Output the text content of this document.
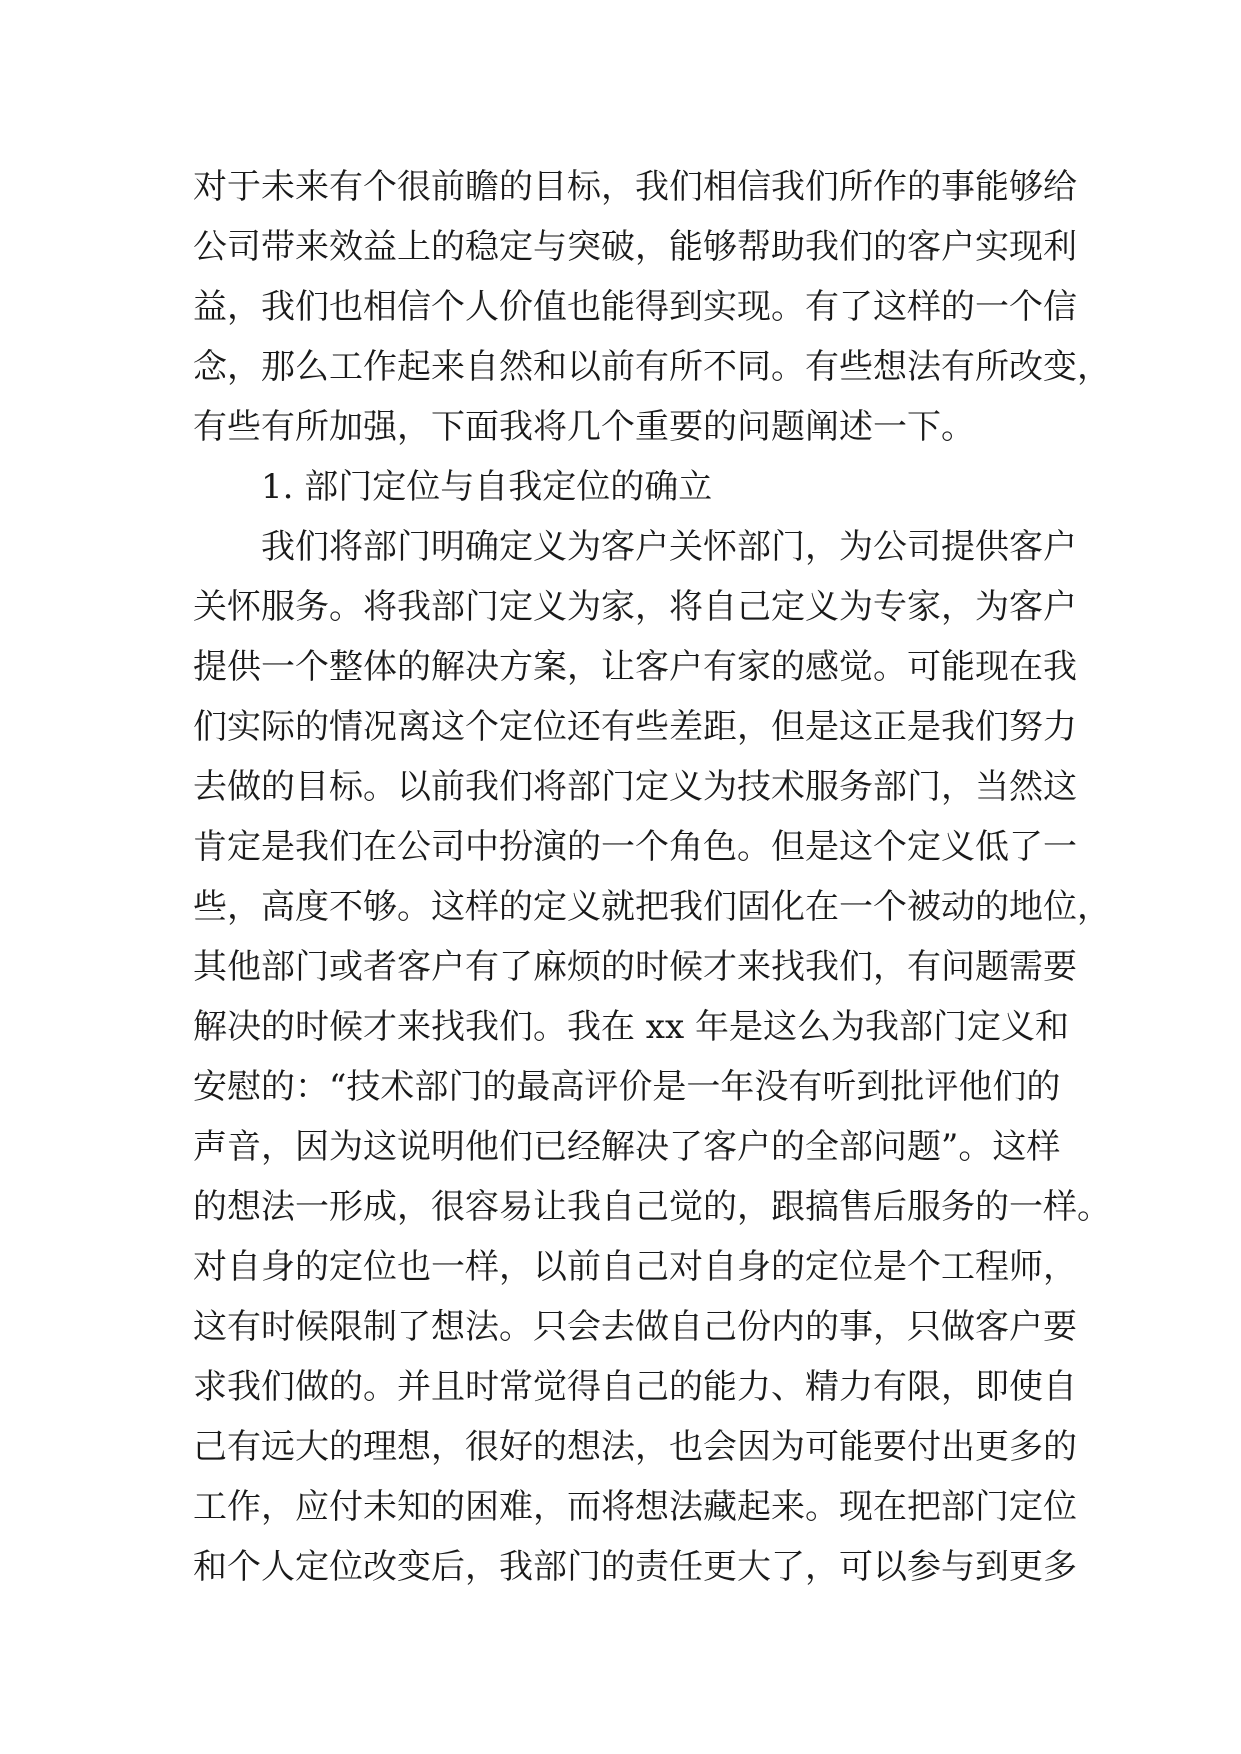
对于未来有个很前瞻的目标，我们相信我们所作的事能够给
公司带来效益上的稳定与突破，能够帮助我们的客户实现利
益，我们也相信个人价值也能得到实现。有了这样的一个信
念，那么工作起来自然和以前有所不同。有些想法有所改变，
有些有所加强，下面我将几个重要的问题阐述一下。
1. 部门定位与自我定位的确立
我们将部门明确定义为客户关怀部门，为公司提供客户
关怀服务。将我部门定义为家，将自己定义为专家，为客户
提供一个整体的解决方案，让客户有家的感觉。可能现在我
们实际的情况离这个定位还有些差距，但是这正是我们努力
去做的目标。以前我们将部门定义为技术服务部门，当然这
肯定是我们在公司中扮演的一个角色。但是这个定义低了一
些，高度不够。这样的定义就把我们固化在一个被动的地位，
其他部门或者客户有了麻烦的时候才来找我们，有问题需要
解决的时候才来找我们。我在 xx 年是这么为我部门定义和
安慰的：“技术部门的最高评价是一年没有听到批评他们的
声音，因为这说明他们已经解决了客户的全部问题”。这样
的想法一形成，很容易让我自己觉的，跟搞售后服务的一样。
对自身的定位也一样，以前自己对自身的定位是个工程师，
这有时候限制了想法。只会去做自己份内的事，只做客户要
求我们做的。并且时常觉得自己的能力、精力有限，即使自
己有远大的理想，很好的想法，也会因为可能要付出更多的
工作，应付未知的困难，而将想法藏起来。现在把部门定位
和个人定位改变后，我部门的责任更大了，可以参与到更多
